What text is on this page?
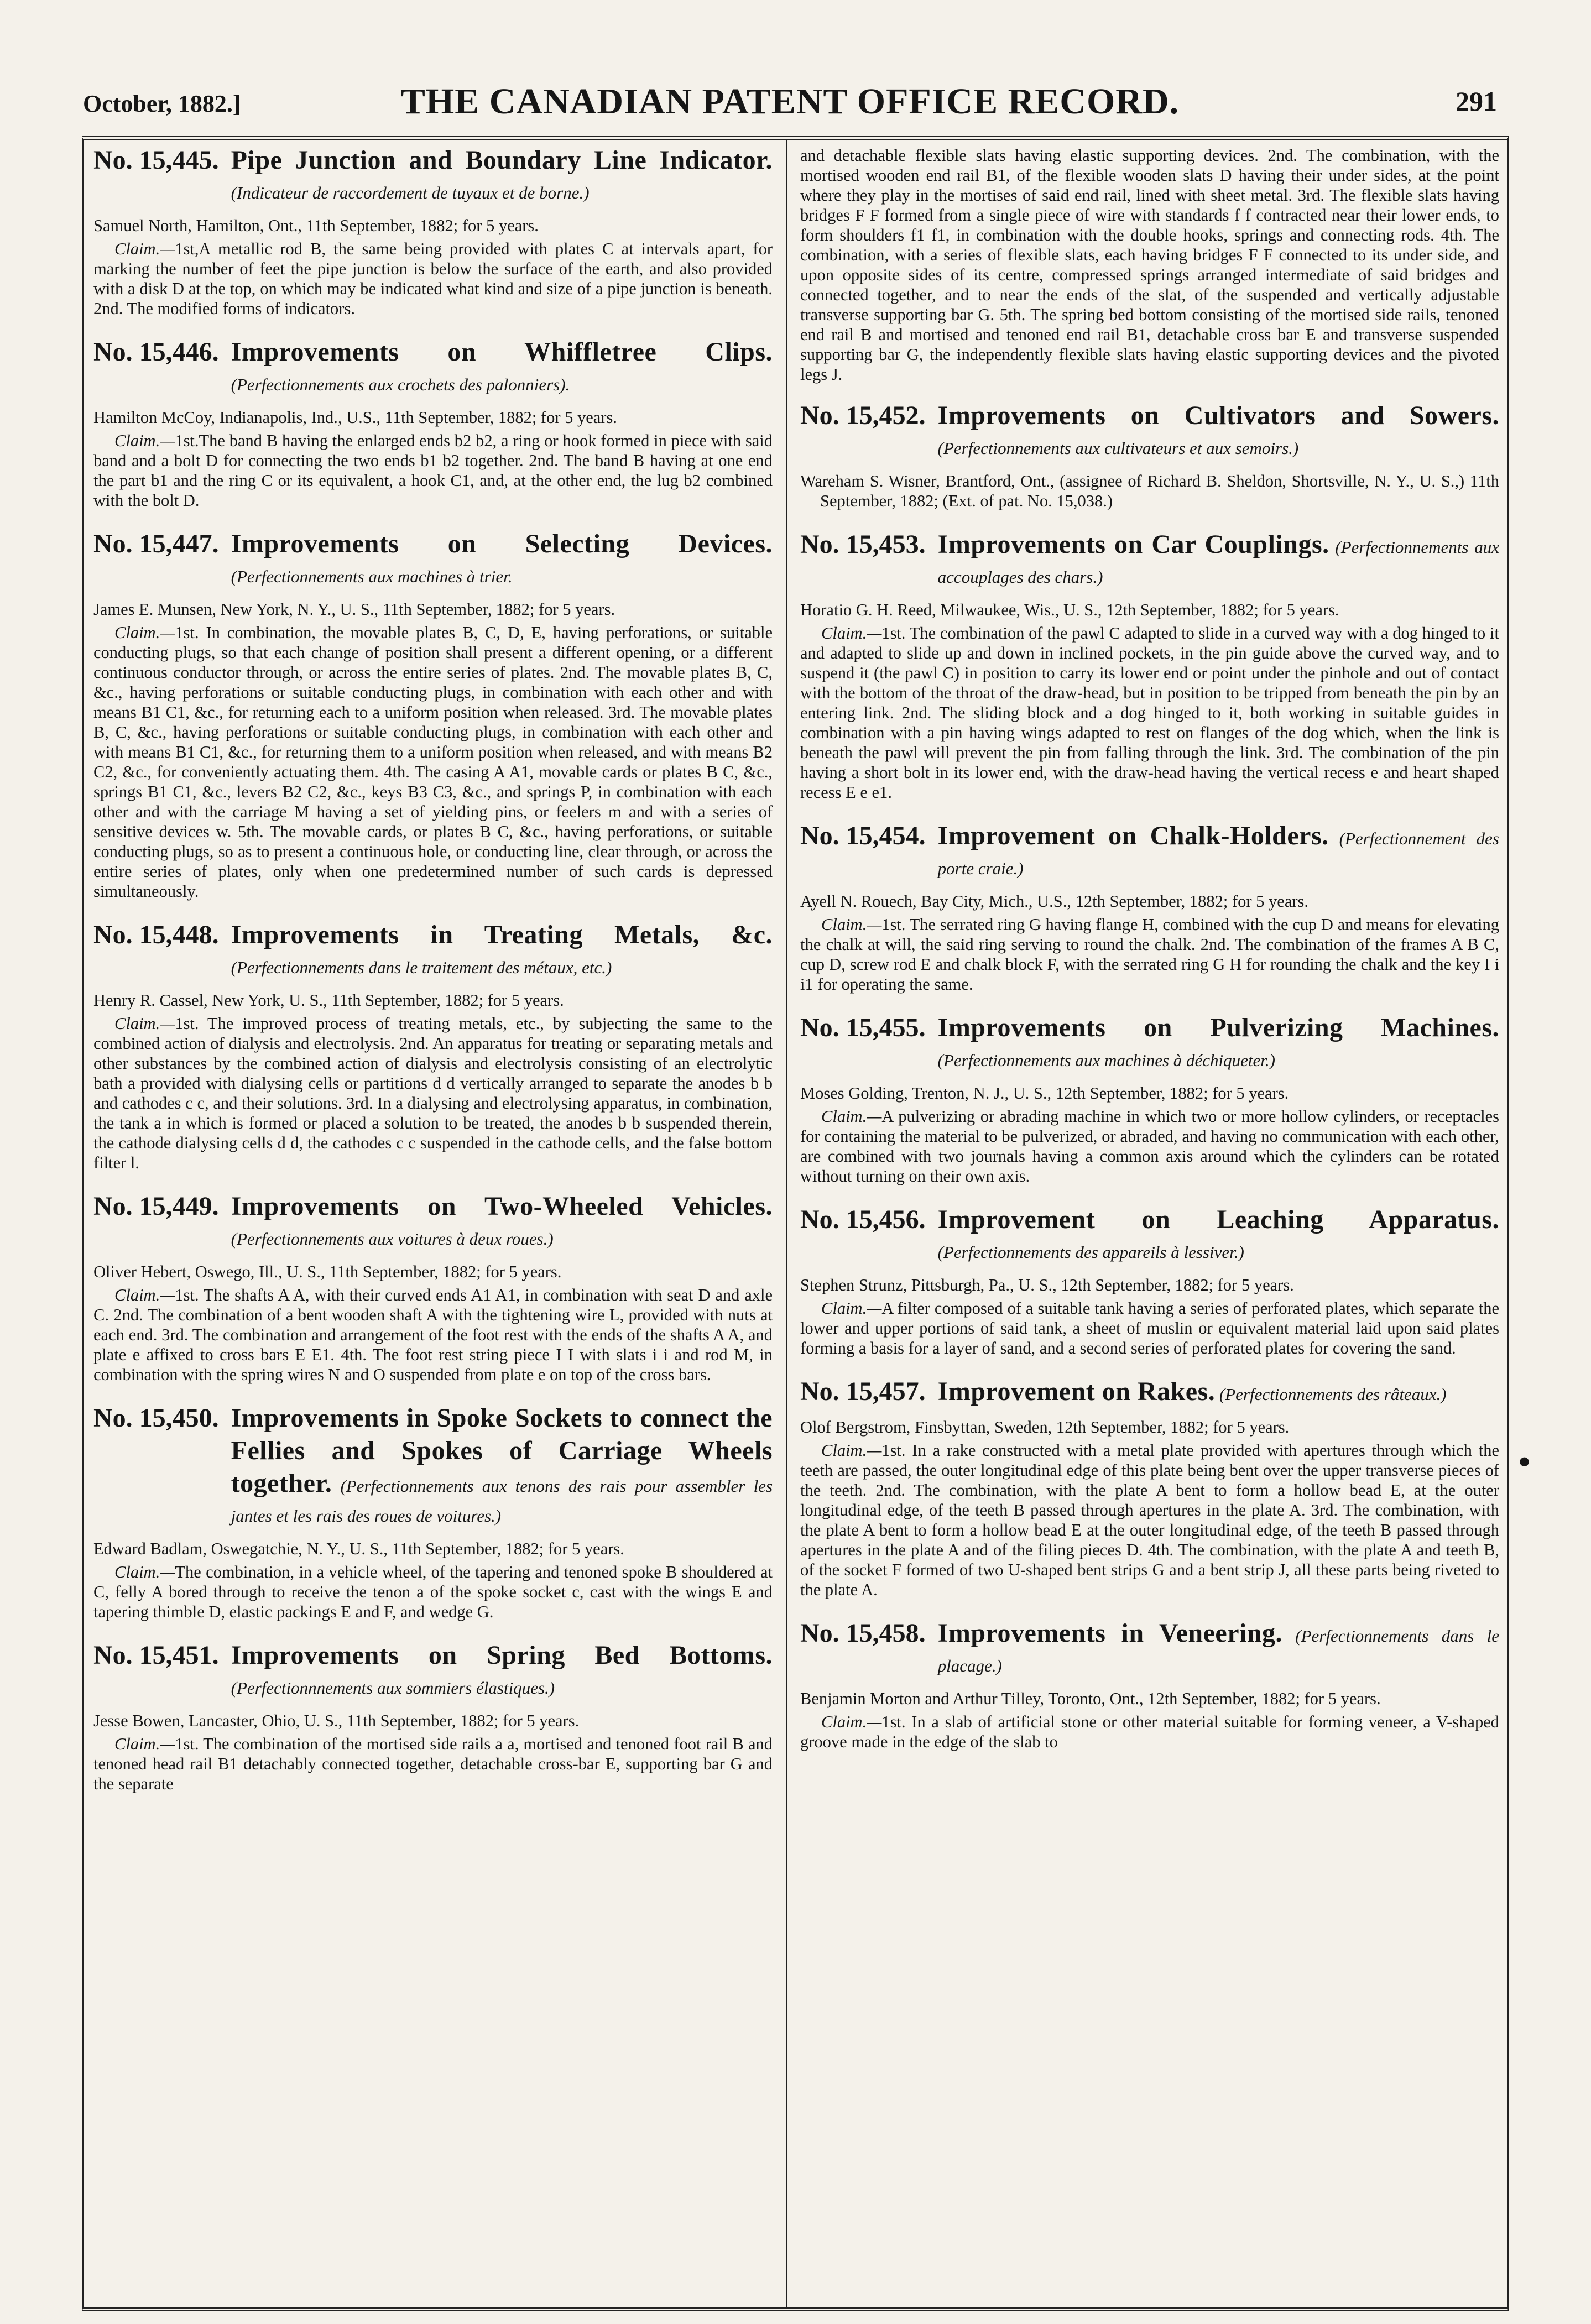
October, 1882.]	THE CANADIAN PATENT OFFICE RECORD.	291
No. 15,445. Pipe Junction and Boundary Line Indicator. (Indicateur de raccordement de tuyaux et de borne.)
Samuel North, Hamilton, Ont., 11th September, 1882; for 5 years.
Claim.—1st,A metallic rod B, the same being provided with plates C at intervals apart, for marking the number of feet the pipe junction is below the surface of the earth, and also provided with a disk D at the top, on which may be indicated what kind and size of a pipe junction is beneath. 2nd. The modified forms of indicators.
No. 15,446. Improvements on Whiffletree Clips. (Perfectionnements aux crochets des palonniers).
Hamilton McCoy, Indianapolis, Ind., U.S., 11th September, 1882; for 5 years.
Claim.—1st.The band B having the enlarged ends b2 b2, a ring or hook formed in piece with said band and a bolt D for connecting the two ends b1 b2 together. 2nd. The band B having at one end the part b1 and the ring C or its equivalent, a hook C1, and, at the other end, the lug b2 combined with the bolt D.
No. 15,447. Improvements on Selecting Devices. (Perfectionnements aux machines à trier.
James E. Munsen, New York, N. Y., U. S., 11th September, 1882; for 5 years.
Claim.—1st. In combination, the movable plates B, C, D, E, having perforations, or suitable conducting plugs, so that each change of position shall present a different opening, or a different continuous conductor through, or across the entire series of plates. 2nd. The movable plates B, C, &c., having perforations or suitable conducting plugs, in combination with each other and with means B1 C1, &c., for returning each to a uniform position when released. 3rd. The movable plates B, C, &c., having perforations or suitable conducting plugs, in combination with each other and with means B1 C1, &c., for returning them to a uniform position when released, and with means B2 C2, &c., for conveniently actuating them. 4th. The casing A A1, movable cards or plates B C, &c., springs B1 C1, &c., levers B2 C2, &c., keys B3 C3, &c., and springs P, in combination with each other and with the carriage M having a set of yielding pins, or feelers m and with a series of sensitive devices w. 5th. The movable cards, or plates B C, &c., having perforations, or suitable conducting plugs, so as to present a continuous hole, or conducting line, clear through, or across the entire series of plates, only when one predetermined number of such cards is depressed simultaneously.
No. 15,448. Improvements in Treating Metals, &c. (Perfectionnements dans le traitement des métaux, etc.)
Henry R. Cassel, New York, U. S., 11th September, 1882; for 5 years.
Claim.—1st. The improved process of treating metals, etc., by subjecting the same to the combined action of dialysis and electrolysis. 2nd. An apparatus for treating or separating metals and other substances by the combined action of dialysis and electrolysis consisting of an electrolytic bath a provided with dialysing cells or partitions d d vertically arranged to separate the anodes b b and cathodes c c, and their solutions. 3rd. In a dialysing and electrolysing apparatus, in combination, the tank a in which is formed or placed a solution to be treated, the anodes b b suspended therein, the cathode dialysing cells d d, the cathodes c c suspended in the cathode cells, and the false bottom filter l.
No. 15,449. Improvements on Two-Wheeled Vehicles. (Perfectionnements aux voitures à deux roues.)
Oliver Hebert, Oswego, Ill., U. S., 11th September, 1882; for 5 years.
Claim.—1st. The shafts A A, with their curved ends A1 A1, in combination with seat D and axle C. 2nd. The combination of a bent wooden shaft A with the tightening wire L, provided with nuts at each end. 3rd. The combination and arrangement of the foot rest with the ends of the shafts A A, and plate e affixed to cross bars E E1. 4th. The foot rest string piece I I with slats i i and rod M, in combination with the spring wires N and O suspended from plate e on top of the cross bars.
No. 15,450. Improvements in Spoke Sockets to connect the Fellies and Spokes of Carriage Wheels together. (Perfectionnements aux tenons des rais pour assembler les jantes et les rais des roues de voitures.)
Edward Badlam, Oswegatchie, N. Y., U. S., 11th September, 1882; for 5 years.
Claim.—The combination, in a vehicle wheel, of the tapering and tenoned spoke B shouldered at C, felly A bored through to receive the tenon a of the spoke socket c, cast with the wings E and tapering thimble D, elastic packings E and F, and wedge G.
No. 15,451. Improvements on Spring Bed Bottoms. (Perfectionnnements aux sommiers élastiques.)
Jesse Bowen, Lancaster, Ohio, U. S., 11th September, 1882; for 5 years.
Claim.—1st. The combination of the mortised side rails a a, mortised and tenoned foot rail B and tenoned head rail B1 detachably connected together, detachable cross-bar E, supporting bar G and the separate

and detachable flexible slats having elastic supporting devices. 2nd. The combination, with the mortised wooden end rail B1, of the flexible wooden slats D having their under sides, at the point where they play in the mortises of said end rail, lined with sheet metal. 3rd. The flexible slats having bridges F F formed from a single piece of wire with standards f f contracted near their lower ends, to form shoulders f1 f1, in combination with the double hooks, springs and connecting rods. 4th. The combination, with a series of flexible slats, each having bridges F F connected to its under side, and upon opposite sides of its centre, compressed springs arranged intermediate of said bridges and connected together, and to near the ends of the slat, of the suspended and vertically adjustable transverse supporting bar G. 5th. The spring bed bottom consisting of the mortised side rails, tenoned end rail B and mortised and tenoned end rail B1, detachable cross bar E and transverse suspended supporting bar G, the independently flexible slats having elastic supporting devices and the pivoted legs J.

No. 15,452. Improvements on Cultivators and Sowers. (Perfectionnements aux cultivateurs et aux semoirs.)
Wareham S. Wisner, Brantford, Ont., (assignee of Richard B. Sheldon, Shortsville, N. Y., U. S.,) 11th September, 1882; (Ext. of pat. No. 15,038.)
No. 15,453. Improvements on Car Couplings. (Perfectionnements aux accouplages des chars.)
Horatio G. H. Reed, Milwaukee, Wis., U. S., 12th September, 1882; for 5 years.
Claim.—1st. The combination of the pawl C adapted to slide in a curved way with a dog hinged to it and adapted to slide up and down in inclined pockets, in the pin guide above the curved way, and to suspend it (the pawl C) in position to carry its lower end or point under the pinhole and out of contact with the bottom of the throat of the draw-head, but in position to be tripped from beneath the pin by an entering link. 2nd. The sliding block and a dog hinged to it, both working in suitable guides in combination with a pin having wings adapted to rest on flanges of the dog which, when the link is beneath the pawl will prevent the pin from falling through the link. 3rd. The combination of the pin having a short bolt in its lower end, with the draw-head having the vertical recess e and heart shaped recess E e e1.
No. 15,454. Improvement on Chalk-Holders. (Perfectionnement des porte craie.)
Ayell N. Rouech, Bay City, Mich., U.S., 12th September, 1882; for 5 years.
Claim.—1st. The serrated ring G having flange H, combined with the cup D and means for elevating the chalk at will, the said ring serving to round the chalk. 2nd. The combination of the frames A B C, cup D, screw rod E and chalk block F, with the serrated ring G H for rounding the chalk and the key I i i1 for operating the same.
No. 15,455. Improvements on Pulverizing Machines. (Perfectionnements aux machines à déchiqueter.)
Moses Golding, Trenton, N. J., U. S., 12th September, 1882; for 5 years.
Claim.—A pulverizing or abrading machine in which two or more hollow cylinders, or receptacles for containing the material to be pulverized, or abraded, and having no communication with each other, are combined with two journals having a common axis around which the cylinders can be rotated without turning on their own axis.
No. 15,456. Improvement on Leaching Apparatus. (Perfectionnements des appareils à lessiver.)
Stephen Strunz, Pittsburgh, Pa., U. S., 12th September, 1882; for 5 years.
Claim.—A filter composed of a suitable tank having a series of perforated plates, which separate the lower and upper portions of said tank, a sheet of muslin or equivalent material laid upon said plates forming a basis for a layer of sand, and a second series of perforated plates for covering the sand.
No. 15,457. Improvement on Rakes. (Perfectionnements des râteaux.)
Olof Bergstrom, Finsbyttan, Sweden, 12th September, 1882; for 5 years.
Claim.—1st. In a rake constructed with a metal plate provided with apertures through which the teeth are passed, the outer longitudinal edge of this plate being bent over the upper transverse pieces of the teeth. 2nd. The combination, with the plate A bent to form a hollow bead E, at the outer longitudinal edge, of the teeth B passed through apertures in the plate A. 3rd. The combination, with the plate A bent to form a hollow bead E at the outer longitudinal edge, of the teeth B passed through apertures in the plate A and of the filing pieces D. 4th. The combination, with the plate A and teeth B, of the socket F formed of two U-shaped bent strips G and a bent strip J, all these parts being riveted to the plate A.
No. 15,458. Improvements in Veneering. (Perfectionnements dans le placage.)
Benjamin Morton and Arthur Tilley, Toronto, Ont., 12th September, 1882; for 5 years.
Claim.—1st. In a slab of artificial stone or other material suitable for forming veneer, a V-shaped groove made in the edge of the slab to
•
